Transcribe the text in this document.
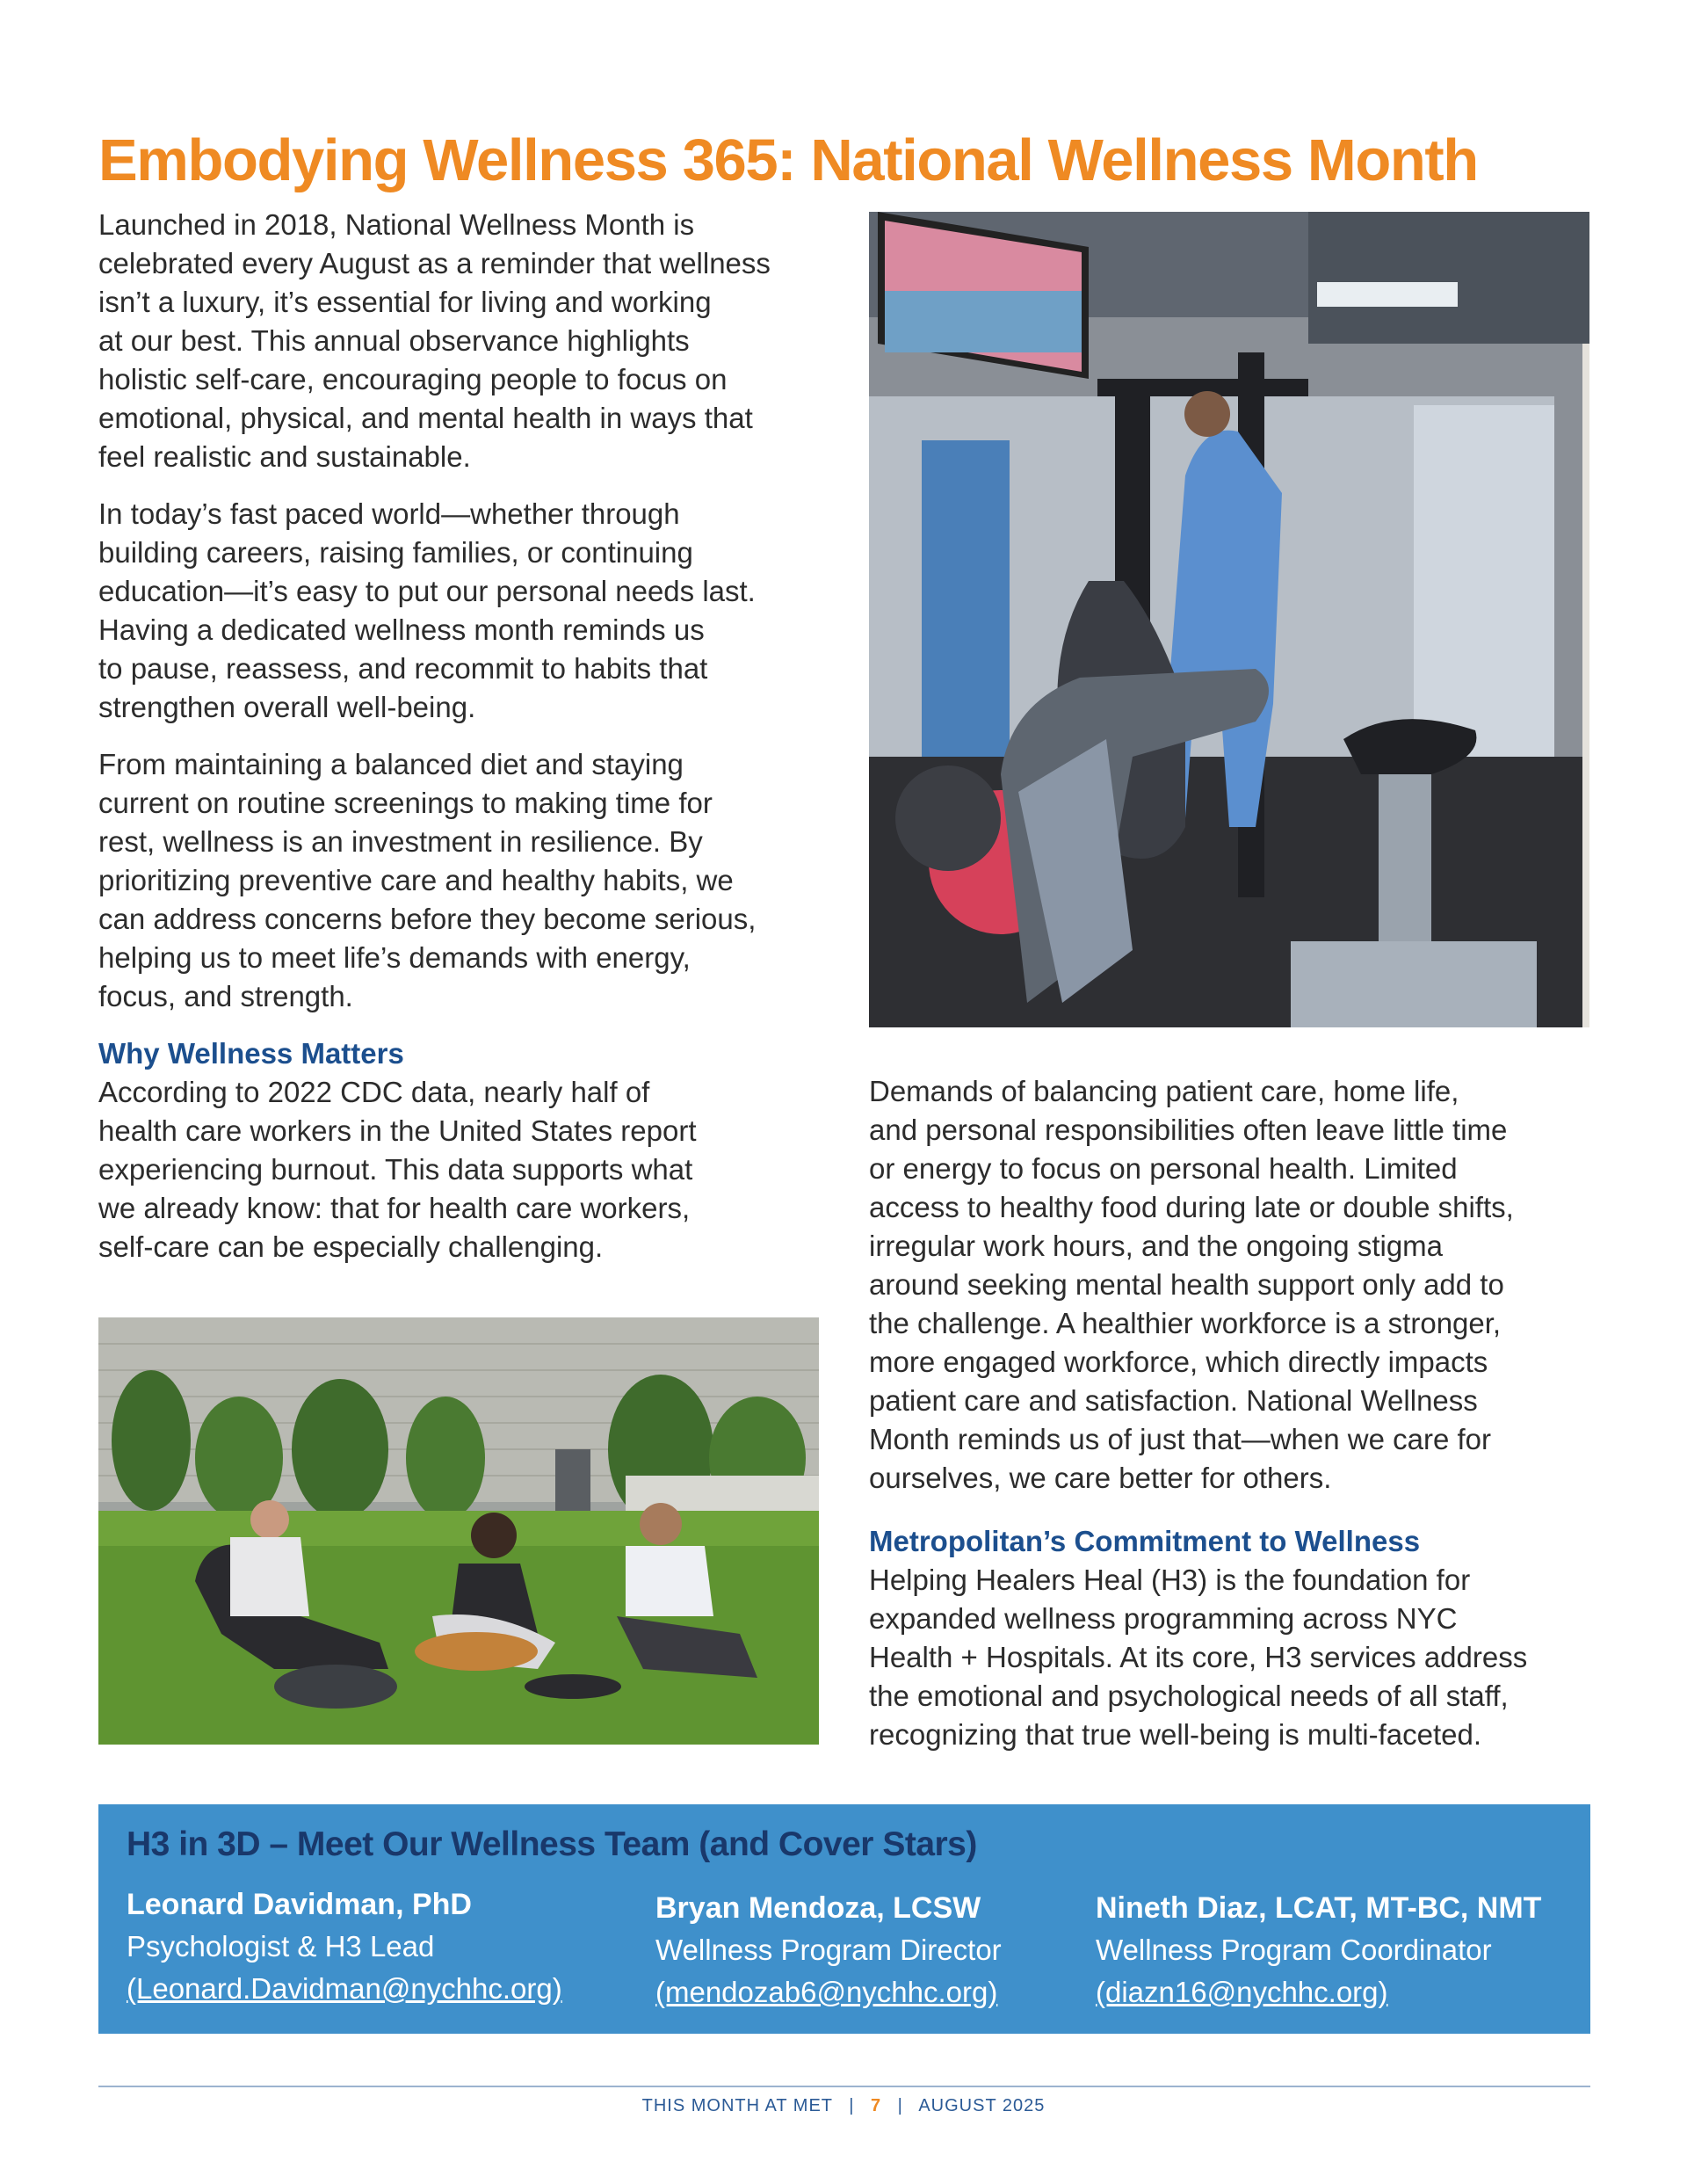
Embodying Wellness 365: National Wellness Month

Launched in 2018, National Wellness Month is
celebrated every August as a reminder that wellness
isn’t a luxury, it’s essential for living and working
at our best. This annual observance highlights
holistic self-care, encouraging people to focus on
emotional, physical, and mental health in ways that
feel realistic and sustainable.

In today’s fast paced world—whether through
building careers, raising families, or continuing
education—it’s easy to put our personal needs last.
Having a dedicated wellness month reminds us
to pause, reassess, and recommit to habits that
strengthen overall well-being.

From maintaining a balanced diet and staying
current on routine screenings to making time for
rest, wellness is an investment in resilience. By
prioritizing preventive care and healthy habits, we
can address concerns before they become serious,
helping us to meet life’s demands with energy,
focus, and strength.

Why Wellness Matters

According to 2022 CDC data, nearly half of
health care workers in the United States report
experiencing burnout. This data supports what
we already know: that for health care workers,
self-care can be especially challenging.

Demands of balancing patient care, home life,
and personal responsibilities often leave little time
or energy to focus on personal health. Limited
access to healthy food during late or double shifts,
irregular work hours, and the ongoing stigma
around seeking mental health support only add to
the challenge. A healthier workforce is a stronger,
more engaged workforce, which directly impacts
patient care and satisfaction. National Wellness
Month reminds us of just that—when we care for
ourselves, we care better for others.

Metropolitan’s Commitment to Wellness

Helping Healers Heal (H3) is the foundation for
expanded wellness programming across NYC
Health + Hospitals. At its core, H3 services address
the emotional and psychological needs of all staff,
recognizing that true well-being is multi-faceted.

H3 in 3D – Meet Our Wellness Team (and Cover Stars)
Leonard Davidman, PhD
Psychologist & H3 Lead
(Leonard.Davidman@nychhc.org)
Bryan Mendoza, LCSW
Wellness Program Director
(mendozab6@nychhc.org)
Nineth Diaz, LCAT, MT-BC, NMT
Wellness Program Coordinator
(diazn16@nychhc.org)
THIS MONTH AT MET | 7 | AUGUST 2025
